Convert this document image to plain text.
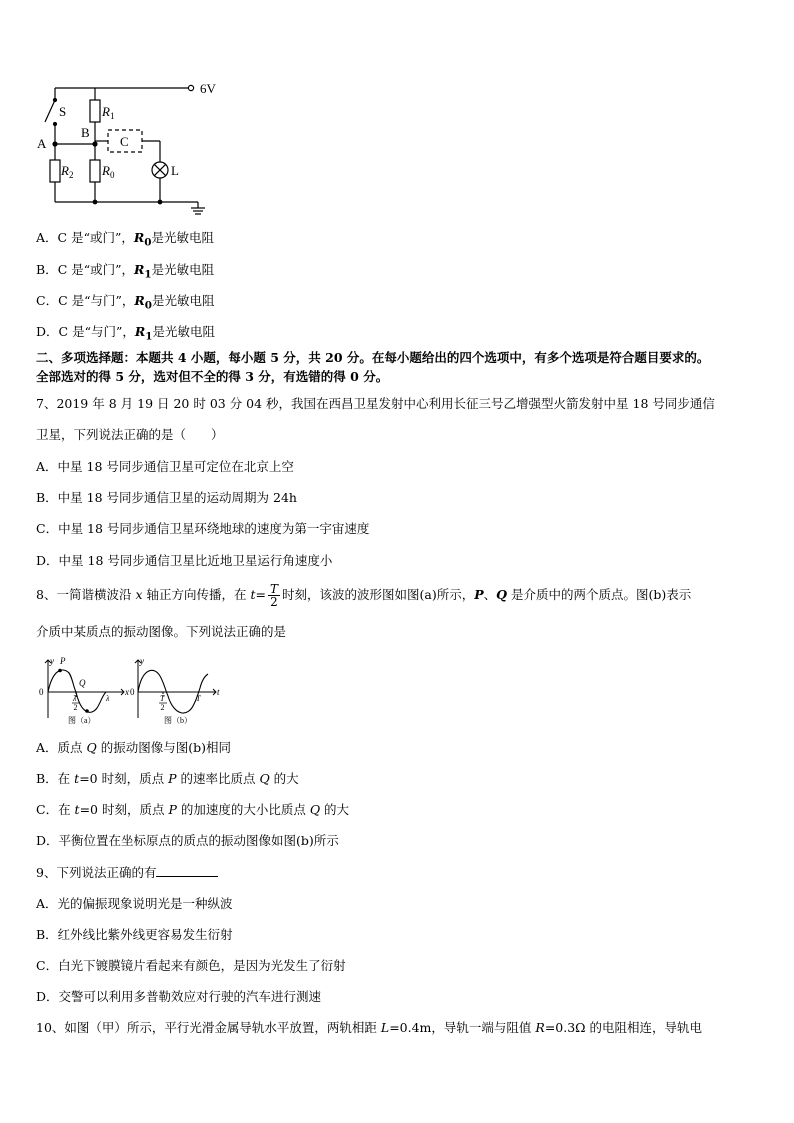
6V
S
A
B
C
L
$R_1$
$R_2$ $R_0$
A．C 是“或门”，$R_0$是光敏电阻
B．C 是“或门”，$R_1$是光敏电阻
C．C 是“与门”，$R_0$是光敏电阻
D．C 是“与门”，$R_1$是光敏电阻
二、多项选择题：本题共 4 小题，每小题 5 分，共 20 分。在每小题给出的四个选项中，有多个选项是符合题目要求的。
全部选对的得 5 分，选对但不全的得 3 分，有选错的得 0 分。
7、2019 年 8 月 19 日 20 时 03 分 04 秒，我国在西昌卫星发射中心利用长征三号乙增强型火箭发射中星 18 号同步通信
卫星，下列说法正确的是（　　）
A．中星 18 号同步通信卫星可定位在北京上空
B．中星 18 号同步通信卫星的运动周期为 24h
C．中星 18 号同步通信卫星环绕地球的速度为第一宇宙速度
D．中星 18 号同步通信卫星比近地卫星运行角速度小
8、一简谐横波沿 x 轴正方向传播，在 $t= \frac{T}{2}$ 时刻，该波的波形图如图(a)所示，P、Q 是介质中的两个质点。图(b)表示
介质中某质点的振动图像。下列说法正确的是
y P
Q
0	x
λ
2
λ
图（a）
y
0	t
T
2
T
图（b）
A．质点 Q 的振动图像与图(b)相同
B．在 t=0 时刻，质点 P 的速率比质点 Q 的大
C．在 t=0 时刻，质点 P 的加速度的大小比质点 Q 的大
D．平衡位置在坐标原点的质点的振动图像如图(b)所示
9、下列说法正确的有
A．光的偏振现象说明光是一种纵波
B．红外线比紫外线更容易发生衍射
C．白光下镀膜镜片看起来有颜色，是因为光发生了衍射
D．交警可以利用多普勒效应对行驶的汽车进行测速
10、如图（甲）所示，平行光滑金属导轨水平放置，两轨相距 L=0.4m，导轨一端与阻值 R=0.3Ω 的电阻相连，导轨电
